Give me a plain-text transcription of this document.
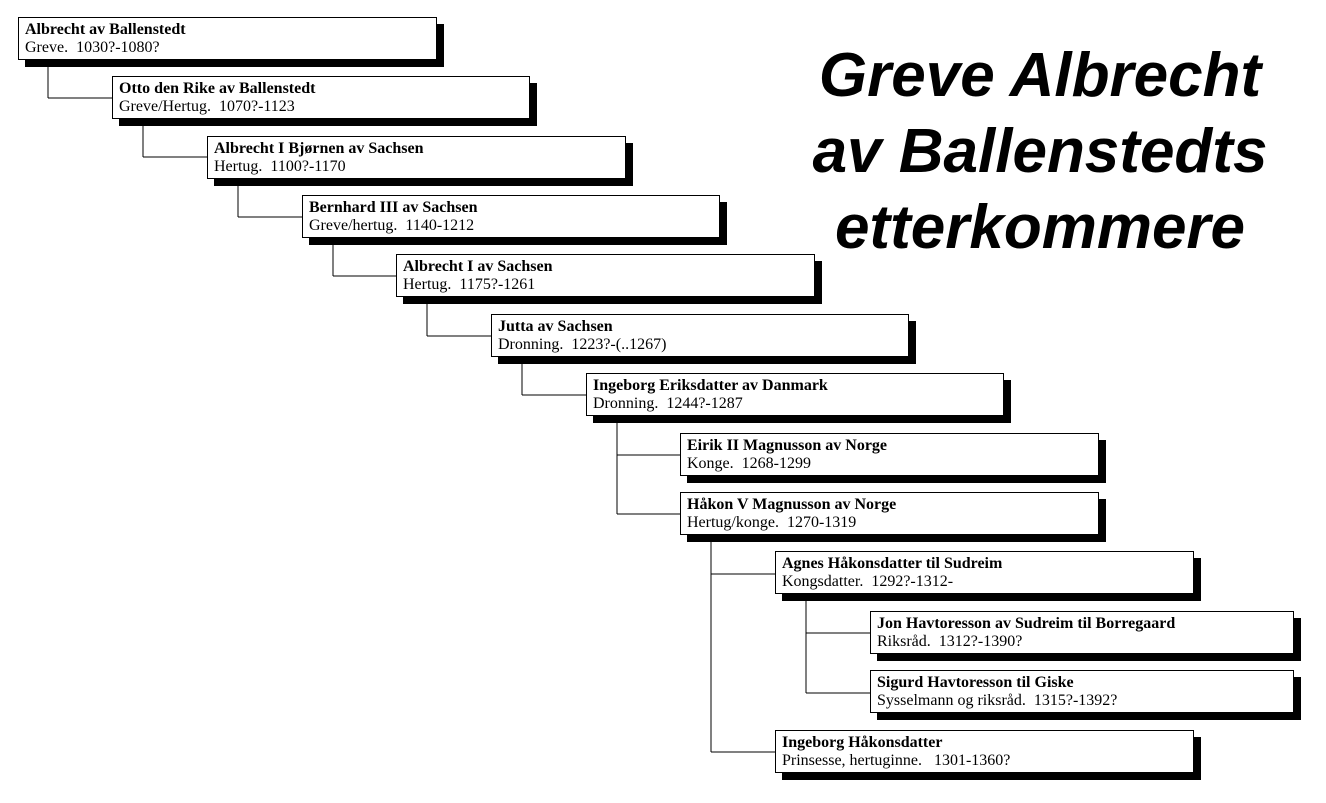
Greve Albrecht
av Ballenstedts
etterkommere
Albrecht av Ballenstedt
Greve.  1030?-1080?
Otto den Rike av Ballenstedt
Greve/Hertug.  1070?-1123
Albrecht I Bjørnen av Sachsen
Hertug.  1100?-1170
Bernhard III av Sachsen
Greve/hertug.  1140-1212
Albrecht I av Sachsen
Hertug.  1175?-1261
Jutta av Sachsen
Dronning.  1223?-(..1267)
Ingeborg Eriksdatter av Danmark
Dronning.  1244?-1287
Eirik II Magnusson av Norge
Konge.  1268-1299
Håkon V Magnusson av Norge
Hertug/konge.  1270-1319
Agnes Håkonsdatter til Sudreim
Kongsdatter.  1292?-1312-
Jon Havtoresson av Sudreim til Borregaard
Riksråd.  1312?-1390?
Sigurd Havtoresson til Giske
Sysselmann og riksråd.  1315?-1392?
Ingeborg Håkonsdatter
Prinsesse, hertuginne.   1301-1360?
